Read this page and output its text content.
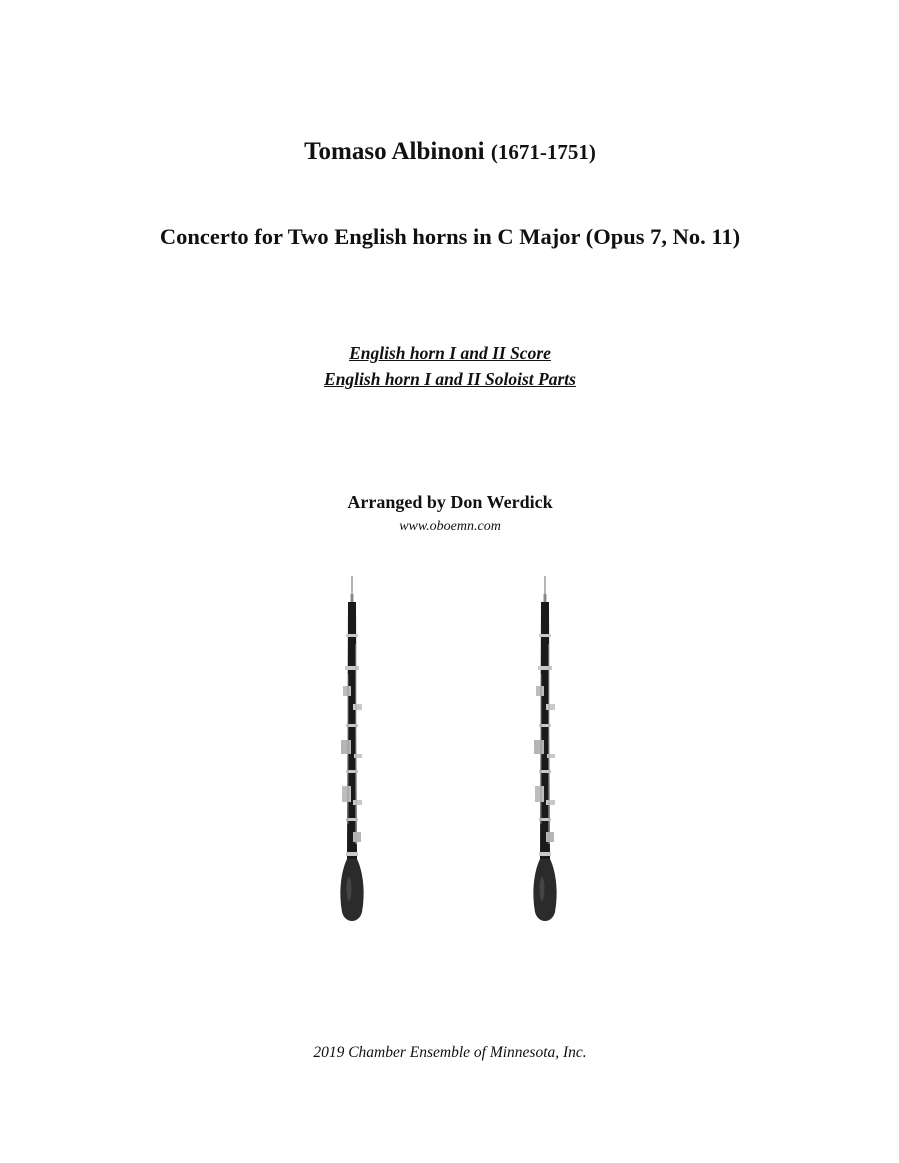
Tomaso Albinoni (1671-1751)
Concerto for Two English horns in C Major (Opus 7, No. 11)
English horn I and II Score
English horn I and II Soloist Parts
Arranged by Don Werdick
www.oboemn.com
2019 Chamber Ensemble of Minnesota, Inc.
